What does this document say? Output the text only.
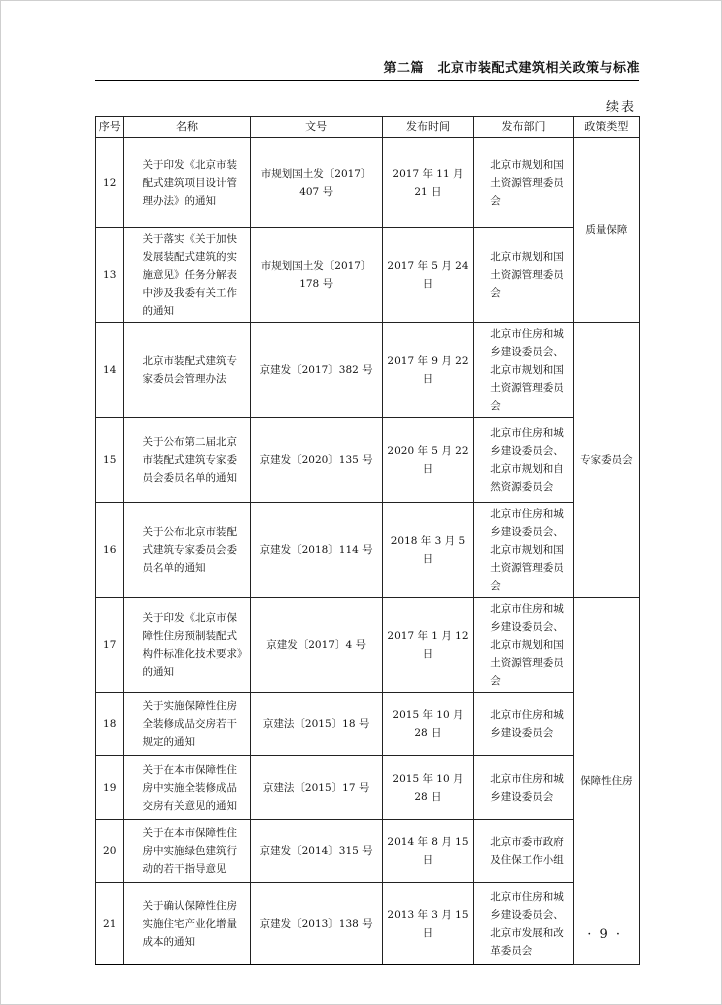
第二篇　北京市装配式建筑相关政策与标准
续表
序号	名称	文号	发布时间	发布部门	政策类型
12	关于印发《北京市装配式建筑项目设计管理办法》的通知	市规划国土发〔2017〕407 号	2017 年 11 月 21 日	北京市规划和国土资源管理委员会	质量保障
13	关于落实《关于加快发展装配式建筑的实施意见》任务分解表中涉及我委有关工作的通知	市规划国土发〔2017〕178 号	2017 年 5 月 24 日	北京市规划和国土资源管理委员会	
14	北京市装配式建筑专家委员会管理办法	京建发〔2017〕382 号	2017 年 9 月 22 日	北京市住房和城乡建设委员会、北京市规划和国土资源管理委员会	专家委员会
15	关于公布第二届北京市装配式建筑专家委员会委员名单的通知	京建发〔2020〕135 号	2020 年 5 月 22 日	北京市住房和城乡建设委员会、北京市规划和自然资源委员会	
16	关于公布北京市装配式建筑专家委员会委员名单的通知	京建发〔2018〕114 号	2018 年 3 月 5 日	北京市住房和城乡建设委员会、北京市规划和国土资源管理委员会	
17	关于印发《北京市保障性住房预制装配式构件标准化技术要求》的通知	京建发〔2017〕4 号	2017 年 1 月 12 日	北京市住房和城乡建设委员会、北京市规划和国土资源管理委员会	保障性住房
18	关于实施保障性住房全装修成品交房若干规定的通知	京建法〔2015〕18 号	2015 年 10 月 28 日	北京市住房和城乡建设委员会	
19	关于在本市保障性住房中实施全装修成品交房有关意见的通知	京建法〔2015〕17 号	2015 年 10 月 28 日	北京市住房和城乡建设委员会	
20	关于在本市保障性住房中实施绿色建筑行动的若干指导意见	京建发〔2014〕315 号	2014 年 8 月 15 日	北京市委市政府及住保工作小组	
21	关于确认保障性住房实施住宅产业化增量成本的通知	京建发〔2013〕138 号	2013 年 3 月 15 日	北京市住房和城乡建设委员会、北京市发展和改革委员会	
· 9 ·
